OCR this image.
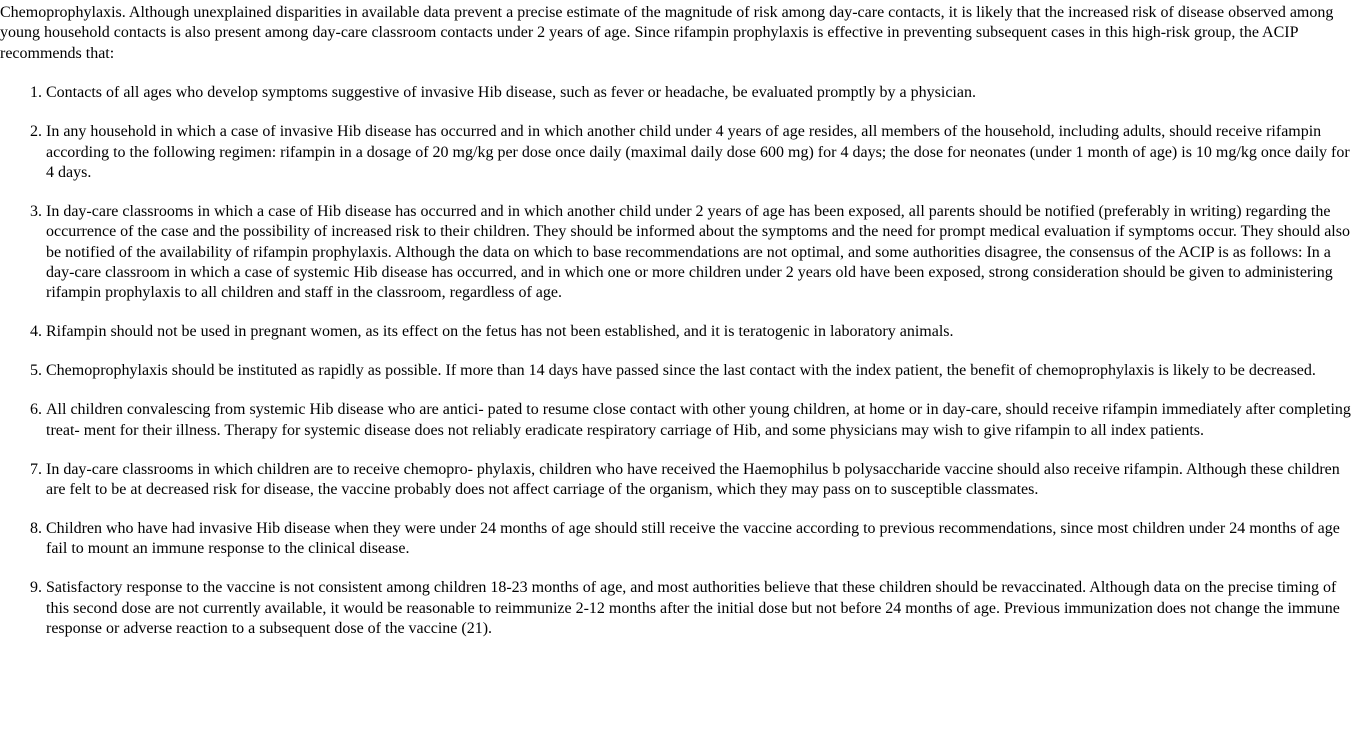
Chemoprophylaxis. Although unexplained disparities in available data prevent a precise estimate of the magnitude of risk among day-care contacts, it is likely that the increased risk of disease observed among young household contacts is also present among day-care classroom contacts under 2 years of age. Since rifampin prophylaxis is effective in preventing subsequent cases in this high-risk group, the ACIP recommends that:

1. Contacts of all ages who develop symptoms suggestive of invasive Hib disease, such as fever or headache, be evaluated promptly by a physician.
2. In any household in which a case of invasive Hib disease has occurred and in which another child under 4 years of age resides, all members of the household, including adults, should receive rifampin according to the following regimen: rifampin in a dosage of 20 mg/kg per dose once daily (maximal daily dose 600 mg) for 4 days; the dose for neonates (under 1 month of age) is 10 mg/kg once daily for 4 days.
3. In day-care classrooms in which a case of Hib disease has occurred and in which another child under 2 years of age has been exposed, all parents should be notified (preferably in writing) regarding the occurrence of the case and the possibility of increased risk to their children. They should be informed about the symptoms and the need for prompt medical evaluation if symptoms occur. They should also be notified of the availability of rifampin prophylaxis. Although the data on which to base recommendations are not optimal, and some authorities disagree, the consensus of the ACIP is as follows: In a day-care classroom in which a case of systemic Hib disease has occurred, and in which one or more children under 2 years old have been exposed, strong consideration should be given to administering rifampin prophylaxis to all children and staff in the classroom, regardless of age.
4. Rifampin should not be used in pregnant women, as its effect on the fetus has not been established, and it is teratogenic in laboratory animals.
5. Chemoprophylaxis should be instituted as rapidly as possible. If more than 14 days have passed since the last contact with the index patient, the benefit of chemoprophylaxis is likely to be decreased.
6. All children convalescing from systemic Hib disease who are antici- pated to resume close contact with other young children, at home or in day-care, should receive rifampin immediately after completing treat- ment for their illness. Therapy for systemic disease does not reliably eradicate respiratory carriage of Hib, and some physicians may wish to give rifampin to all index patients.
7. In day-care classrooms in which children are to receive chemopro- phylaxis, children who have received the Haemophilus b polysaccharide vaccine should also receive rifampin. Although these children are felt to be at decreased risk for disease, the vaccine probably does not affect carriage of the organism, which they may pass on to susceptible classmates.
8. Children who have had invasive Hib disease when they were under 24 months of age should still receive the vaccine according to previous recommendations, since most children under 24 months of age fail to mount an immune response to the clinical disease.
9. Satisfactory response to the vaccine is not consistent among children 18-23 months of age, and most authorities believe that these children should be revaccinated. Although data on the precise timing of this second dose are not currently available, it would be reasonable to reimmunize 2-12 months after the initial dose but not before 24 months of age. Previous immunization does not change the immune response or adverse reaction to a subsequent dose of the vaccine (21).
